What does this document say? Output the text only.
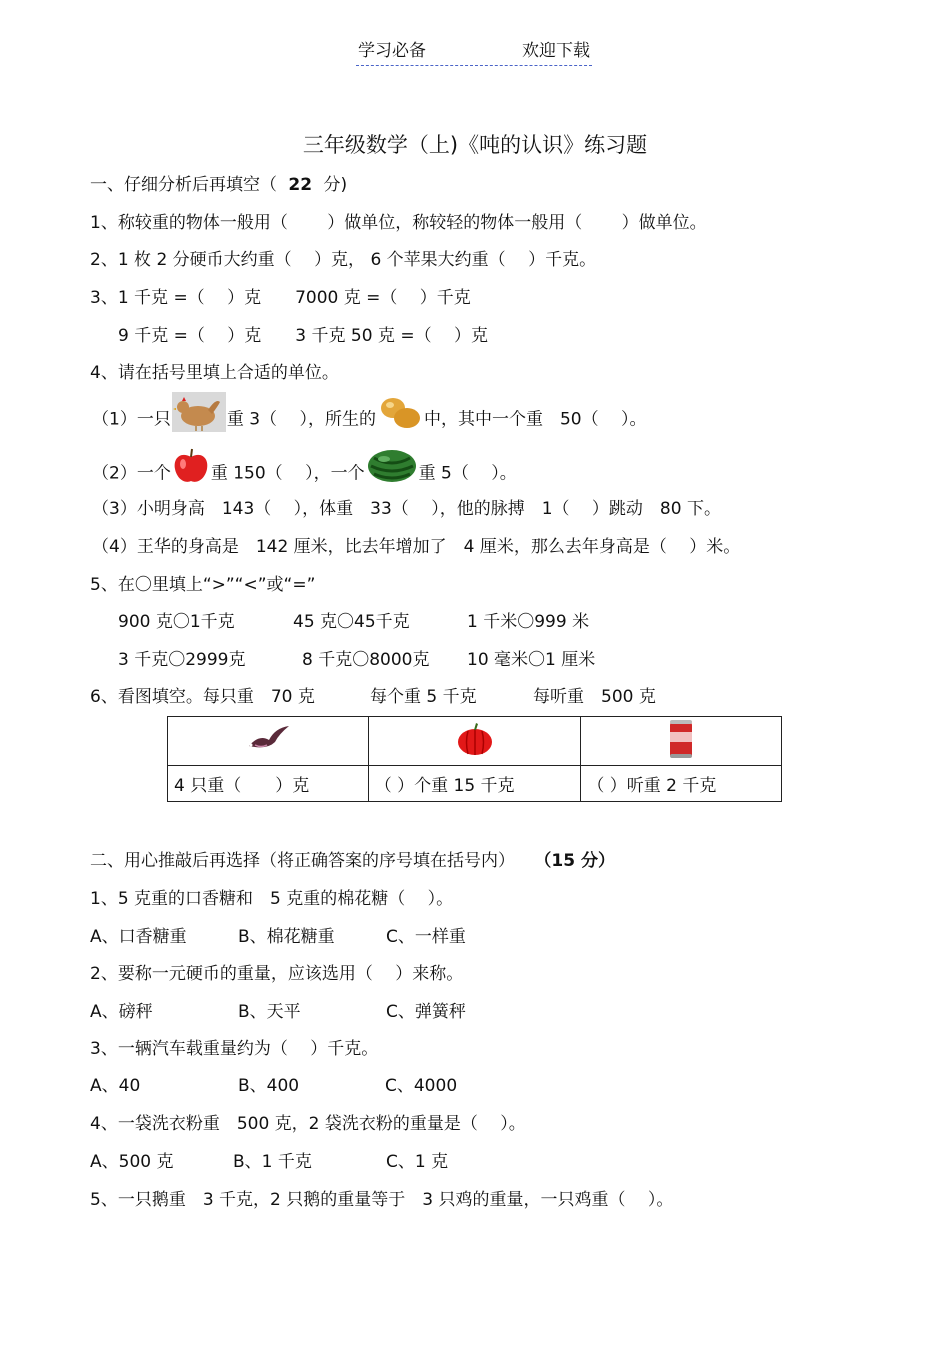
学习必备	欢迎下载
三年级数学（上)《吨的认识》练习题
一、仔细分析后再填空（ 22 分)
1、称较重的物体一般用（　　 ）做单位，称较轻的物体一般用（　　 ）做单位。
2、1 枚 2 分硬币大约重（　 ）克， 6 个苹果大约重（　 ）千克。
3、1 千克 =（　 ）克　　7000 克 =（　 ）千克
9 千克 =（　 ）克　　3 千克 50 克 =（　 ）克
4、请在括号里填上合适的单位。
（1）一只	重 3（　 ），所生的	中，其中一个重　50（　 ）。
（2）一个 重 150（　 ），一个	重 5（　 ）。
（3）小明身高　143（　 ），体重　33（　 ），他的脉搏　1（　 ）跳动　80 下。
（4）王华的身高是　142 厘米，比去年增加了　4 厘米，那么去年身高是（　 ）米。
5、在〇里填上“>”“<”或“=”
900 克〇1千克	45 克〇45千克	1 千米〇999 米
3 千克〇2999克	8 千克〇8000克 10 毫米〇1 厘米
6、看图填空。每只重　70 克	每个重 5 千克	每听重　500 克

4 只重（　　）克	（ ）个重 15 千克	（ ）听重 2 千克
二、用心推敲后再选择（将正确答案的序号填在括号内） （15 分）
1、5 克重的口香糖和　5 克重的棉花糖（　 ）。
A、口香糖重	B、棉花糖重	C、一样重
2、要称一元硬币的重量，应该选用（　 ）来称。
A、磅秤	B、天平	C、弹簧秤
3、一辆汽车载重量约为（　 ）千克。
A、40	B、400	C、4000
4、一袋洗衣粉重　500 克，2 袋洗衣粉的重量是（　 ）。
A、500 克	B、1 千克	C、1 克
5、一只鹅重　3 千克，2 只鹅的重量等于　3 只鸡的重量，一只鸡重（　 ）。
